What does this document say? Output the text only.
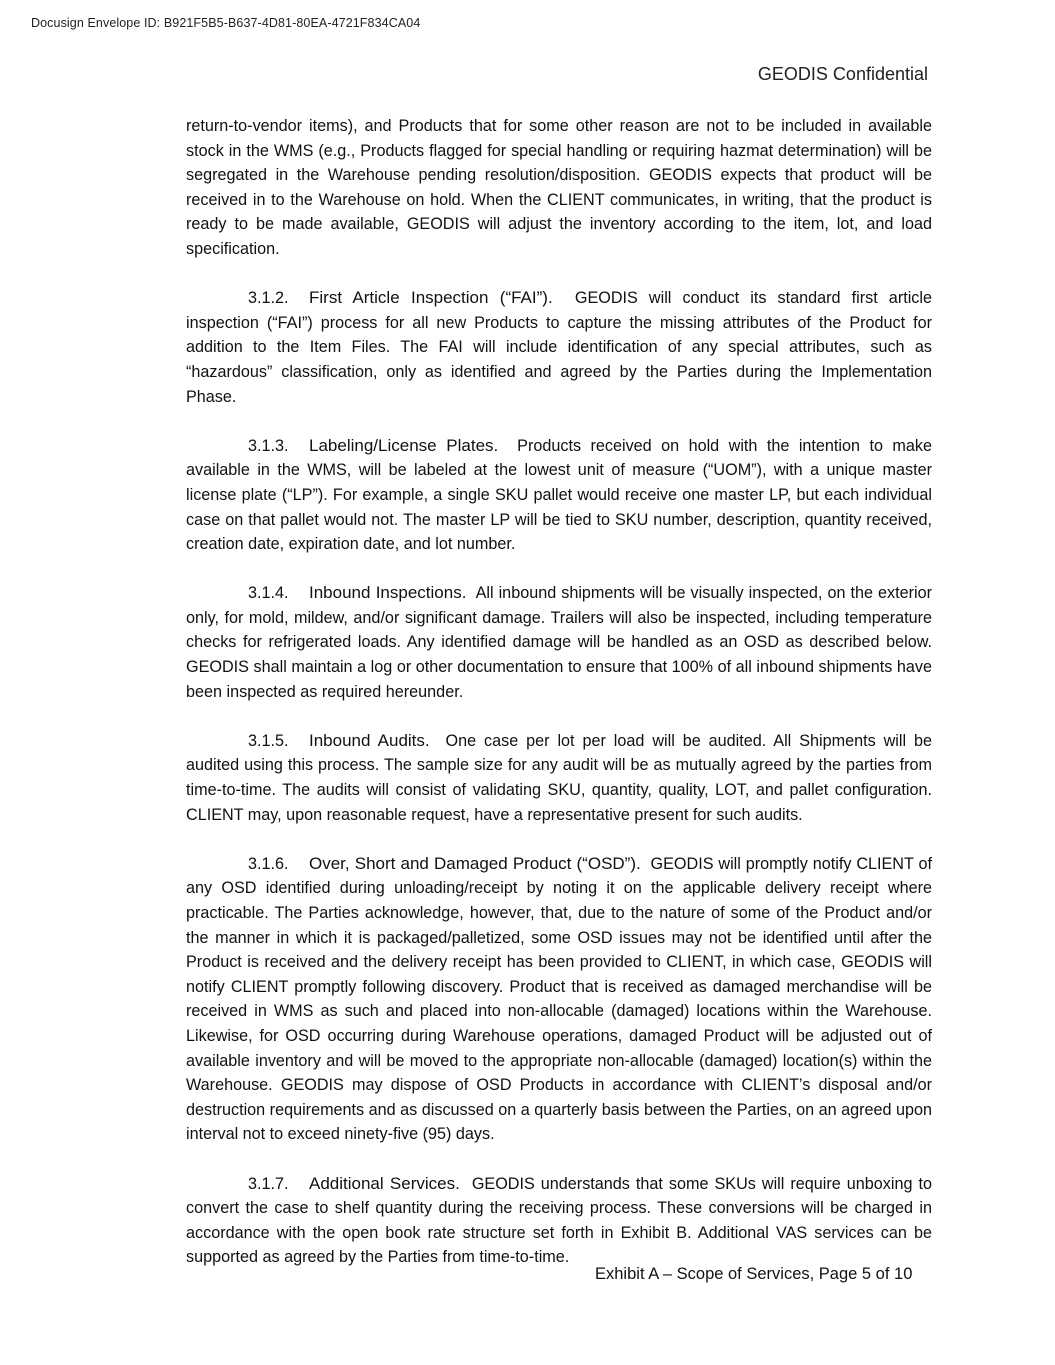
Docusign Envelope ID: B921F5B5-B637-4D81-80EA-4721F834CA04
GEODIS Confidential

return-to-vendor items), and Products that for some other reason are not to be included in available stock in the WMS (e.g., Products flagged for special handling or requiring hazmat determination) will be segregated in the Warehouse pending resolution/disposition. GEODIS expects that product will be received in to the Warehouse on hold. When the CLIENT communicates, in writing, that the product is ready to be made available, GEODIS will adjust the inventory according to the item, lot, and load specification.

3.1.2. First Article Inspection (“FAI”). GEODIS will conduct its standard first article inspection (“FAI”) process for all new Products to capture the missing attributes of the Product for addition to the Item Files. The FAI will include identification of any special attributes, such as “hazardous” classification, only as identified and agreed by the Parties during the Implementation Phase.

3.1.3. Labeling/License Plates. Products received on hold with the intention to make available in the WMS, will be labeled at the lowest unit of measure (“UOM”), with a unique master license plate (“LP”). For example, a single SKU pallet would receive one master LP, but each individual case on that pallet would not. The master LP will be tied to SKU number, description, quantity received, creation date, expiration date, and lot number.

3.1.4. Inbound Inspections. All inbound shipments will be visually inspected, on the exterior only, for mold, mildew, and/or significant damage. Trailers will also be inspected, including temperature checks for refrigerated loads. Any identified damage will be handled as an OSD as described below. GEODIS shall maintain a log or other documentation to ensure that 100% of all inbound shipments have been inspected as required hereunder.

3.1.5. Inbound Audits. One case per lot per load will be audited. All Shipments will be audited using this process. The sample size for any audit will be as mutually agreed by the parties from time-to-time. The audits will consist of validating SKU, quantity, quality, LOT, and pallet configuration. CLIENT may, upon reasonable request, have a representative present for such audits.

3.1.6. Over, Short and Damaged Product (“OSD”). GEODIS will promptly notify CLIENT of any OSD identified during unloading/receipt by noting it on the applicable delivery receipt where practicable. The Parties acknowledge, however, that, due to the nature of some of the Product and/or the manner in which it is packaged/palletized, some OSD issues may not be identified until after the Product is received and the delivery receipt has been provided to CLIENT, in which case, GEODIS will notify CLIENT promptly following discovery. Product that is received as damaged merchandise will be received in WMS as such and placed into non-allocable (damaged) locations within the Warehouse. Likewise, for OSD occurring during Warehouse operations, damaged Product will be adjusted out of available inventory and will be moved to the appropriate non-allocable (damaged) location(s) within the Warehouse. GEODIS may dispose of OSD Products in accordance with CLIENT’s disposal and/or destruction requirements and as discussed on a quarterly basis between the Parties, on an agreed upon interval not to exceed ninety-five (95) days.

3.1.7. Additional Services. GEODIS understands that some SKUs will require unboxing to convert the case to shelf quantity during the receiving process. These conversions will be charged in accordance with the open book rate structure set forth in Exhibit B. Additional VAS services can be supported as agreed by the Parties from time-to-time.

Exhibit A – Scope of Services, Page 5 of 10
